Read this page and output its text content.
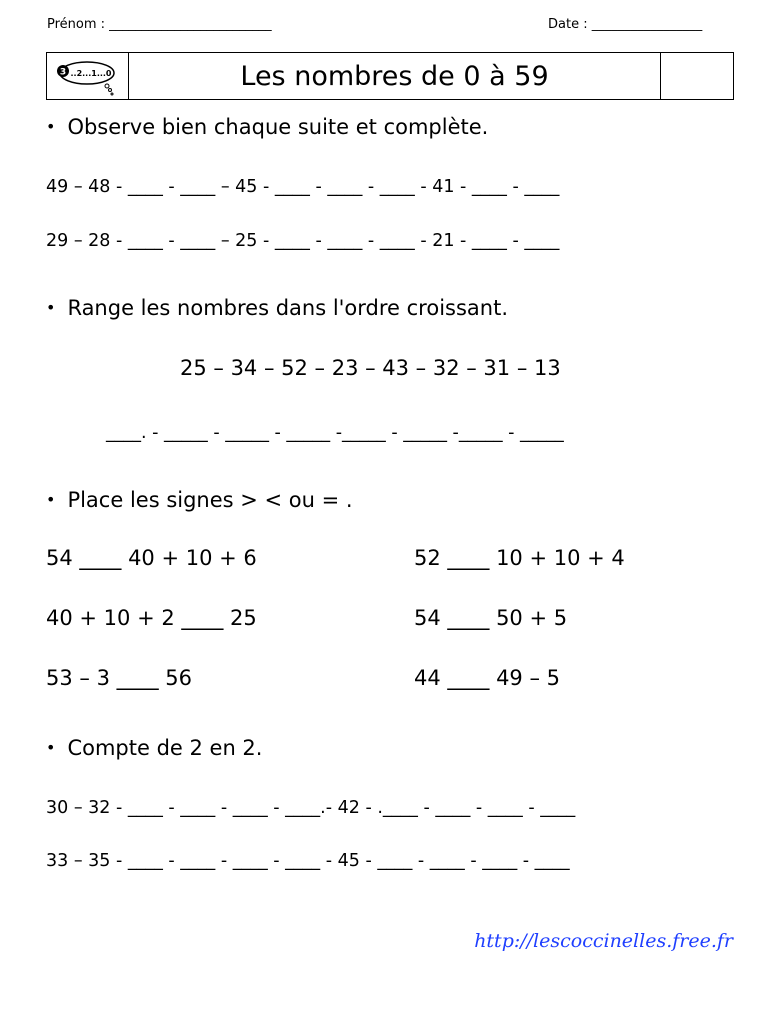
Prénom : _________________________	Date : _________________
3 ..2...1...0	Les nombres de 0 à 59
• Observe bien chaque suite et complète.
49 – 48 - ____ - ____ – 45 - ____ - ____ - ____ - 41 - ____ - ____
29 – 28 - ____ - ____ – 25 - ____ - ____ - ____ - 21 - ____ - ____
• Range les nombres dans l'ordre croissant.
25 – 34 – 52 – 23 – 43 – 32 – 31 – 13
____. - _____ - _____ - _____ -_____ - _____ -_____ - _____
• Place les signes > < ou = .
54 ____ 40 + 10 + 6
40 + 10 + 2 ____ 25
53 – 3 ____ 56
52 ____ 10 + 10 + 4
54 ____ 50 + 5
44 ____ 49 – 5
• Compte de 2 en 2.
30 – 32 - ____ - ____ - ____ - ____.- 42 - .____ - ____ - ____ - ____
33 – 35 - ____ - ____ - ____ - ____ - 45 - ____ - ____ - ____ - ____
http://lescoccinelles.free.fr
